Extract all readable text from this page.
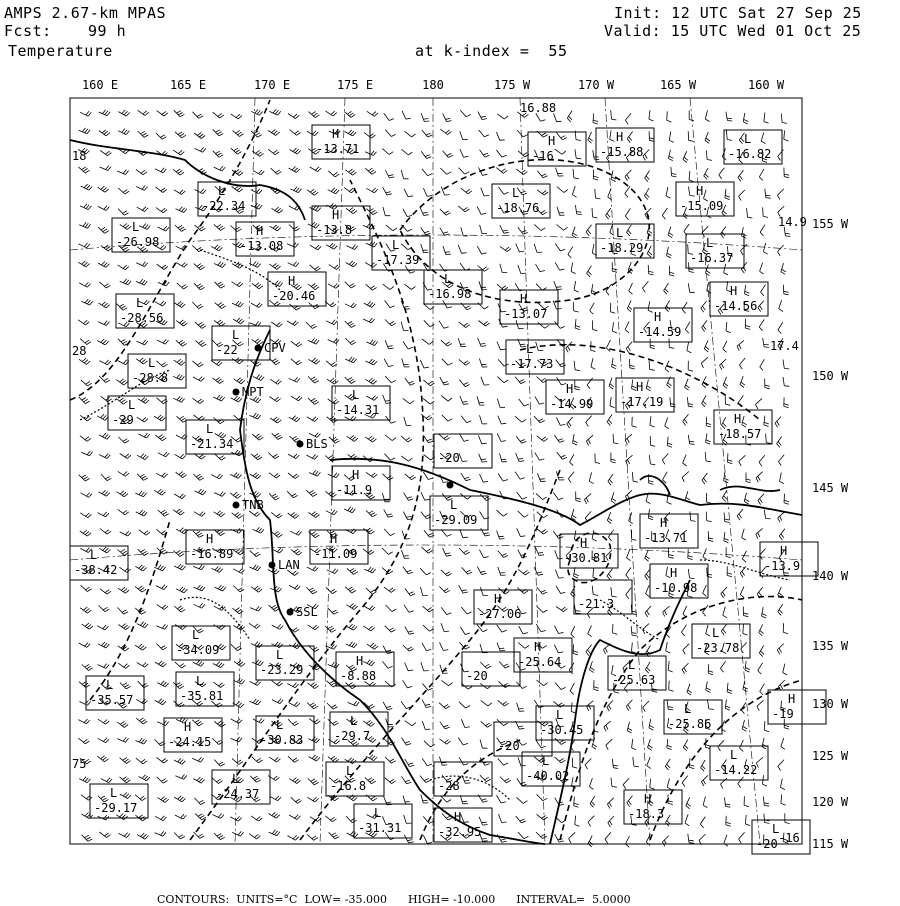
AMPS 2.67-km MPAS
Fcst: 99 h
Temperature
Init: 12 UTC Sat 27 Sep 25
Valid: 15 UTC Wed 01 Oct 25
at k-index =  55
160 E	165 E	170 E	175 E	180	175 W	170 W	165 W	160 W
155 W
150 W
145 W
140 W
135 W
130 W
125 W
120 W
115 W
CPV
BLS
LAN
SSL
MPT
TNB
H
-13.71
H
-16
H
-15.88
L
-16.82
L
-22.34
L
-18.76
H
-15.09
H
-13.8
L
-26.98
H
-13.08	L
-17.39
L
-18.29	L
-16.37
H
-20.46
L
-16.98	H
-13.07
H
-14.56
L
-28.56	H
-14.59
L
-22	L
-17.73
L
-28.8
H
-14.99
H
-17.19
L
-14.31
H
-18.57
L
-29
L
-21.34
-20
H
-11.9
L
-29.09
H
-30.81
H
-13.71
H
-16.89
H
-11.09
H
-10.98
H
-13.9
L
-38.42
H
-27.06
-21.3
L
-23.78
L
-34.09	L
-23.29
H
-8.88	-20
H
-25.64	L
-25.63
L
-35.57
L
-35.81
H
-24.15
L
-30.83
L
-29.7
-20
L
-30.45
L
-25.86
H
-19
-28
L
-16.8
L
-40.02
L
-14.22
L
-24.37
L
-29.17
H
-18.3
H
-32.95
L
-31.31	L
-20
18
28
75
14.9
17.4
16.88
-16

CONTOURS: UNITS=°C LOW= -35.000 HIGH= -10.000 INTERVAL=  5.0000
